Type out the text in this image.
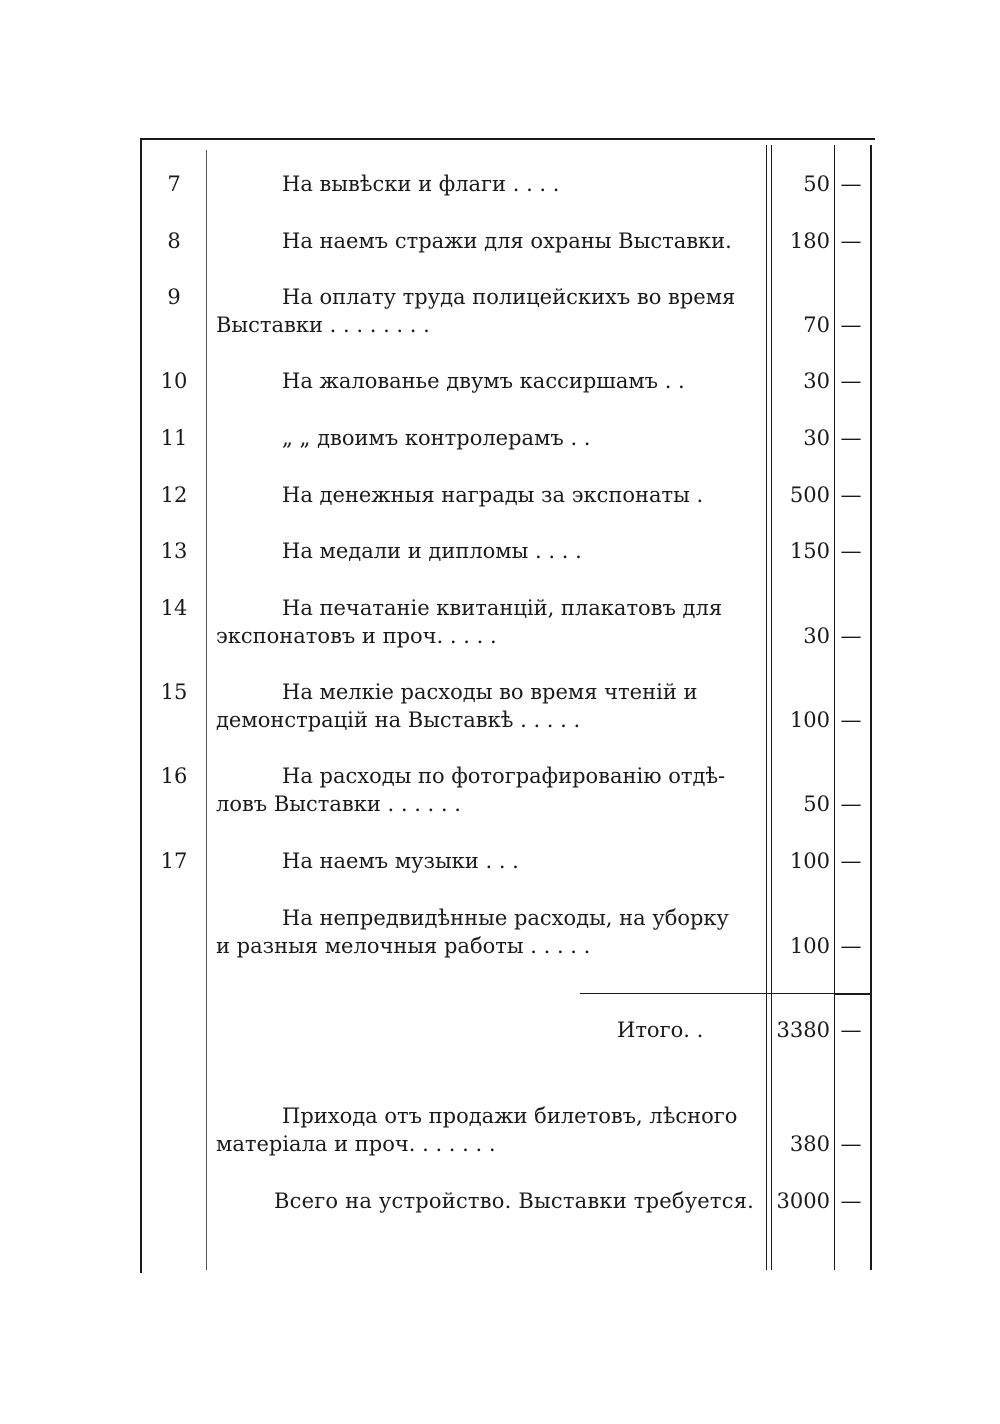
7	На вывѣски и флаги . . . .	50 —
8	На наемъ стражи для охраны Выставки.	180 —
9	На оплату труда полицейскихъ во время
Выставки . . . . . . . .	70 —
10	На жалованье двумъ кассиршамъ . .	30 —
11	„ „ двоимъ контролерамъ . .	30 —
12	На денежныя награды за экспонаты .	500 —
13	На медали и дипломы . . . .	150 —
14	На печатаніе квитанцій, плакатовъ для
экспонатовъ и проч. . . . .	30 —
15	На мелкіе расходы во время чтеній и
демонстрацій на Выставкѣ . . . . .	100 —
16	На расходы по фотографированію отдѣ-
ловъ Выставки . . . . . .	50 —
17	На наемъ музыки . . .	100 —
На непредвидѣнные расходы, на уборку
и разныя мелочныя работы . . . . .	100 —
Итого. .	3380 —
Прихода отъ продажи билетовъ, лѣсного
матеріала и проч. . . . . . .	380 —
Всего на устройство. Выставки требуется.	3000 —
